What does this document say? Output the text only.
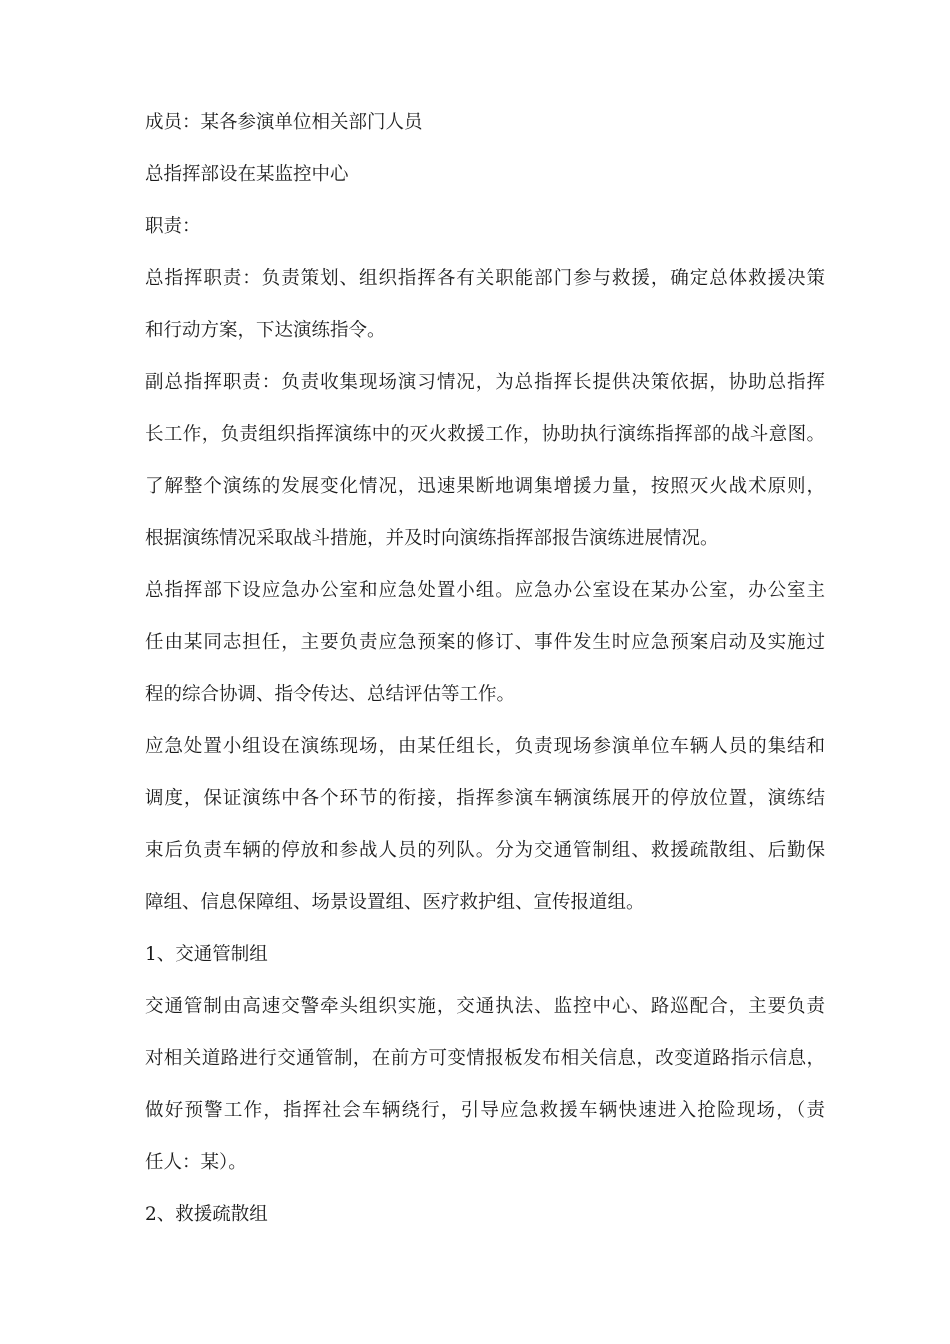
成员：某各参演单位相关部门人员
总指挥部设在某监控中心
职责：
总指挥职责：负责策划、组织指挥各有关职能部门参与救援，确定总体救援决策
和行动方案，下达演练指令。
副总指挥职责：负责收集现场演习情况，为总指挥长提供决策依据，协助总指挥
长工作，负责组织指挥演练中的灭火救援工作，协助执行演练指挥部的战斗意图。
了解整个演练的发展变化情况，迅速果断地调集增援力量，按照灭火战术原则，
根据演练情况采取战斗措施，并及时向演练指挥部报告演练进展情况。
总指挥部下设应急办公室和应急处置小组。应急办公室设在某办公室，办公室主
任由某同志担任，主要负责应急预案的修订、事件发生时应急预案启动及实施过
程的综合协调、指令传达、总结评估等工作。
应急处置小组设在演练现场，由某任组长，负责现场参演单位车辆人员的集结和
调度，保证演练中各个环节的衔接，指挥参演车辆演练展开的停放位置，演练结
束后负责车辆的停放和参战人员的列队。分为交通管制组、救援疏散组、后勤保
障组、信息保障组、场景设置组、医疗救护组、宣传报道组。
1、交通管制组
交通管制由高速交警牵头组织实施，交通执法、监控中心、路巡配合，主要负责
对相关道路进行交通管制，在前方可变情报板发布相关信息，改变道路指示信息，
做好预警工作，指挥社会车辆绕行，引导应急救援车辆快速进入抢险现场，（责
任人：某）。
2、救援疏散组
